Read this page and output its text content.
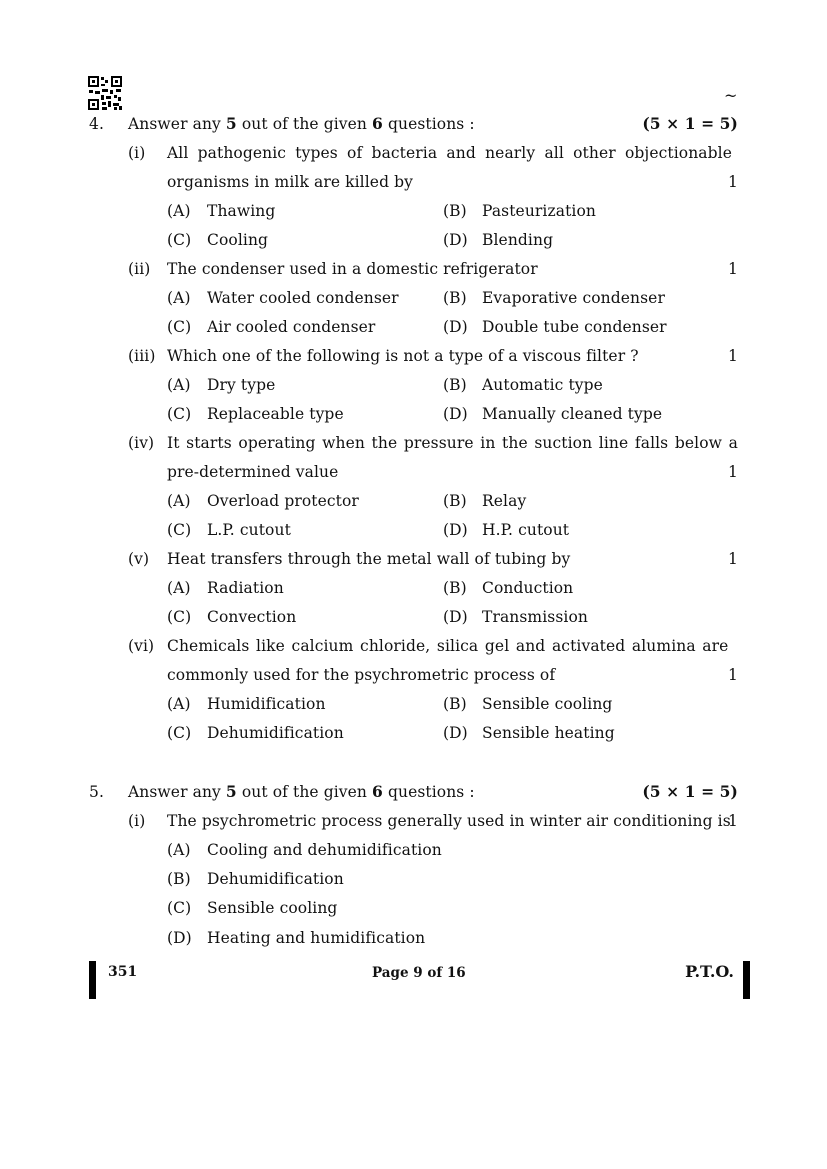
~
4. Answer any 5 out of the given 6 questions :	(5 × 1 = 5)
(i) All pathogenic types of bacteria and nearly all other objectionable
organisms in milk are killed by	1
(A) Thawing	(B) Pasteurization
(C) Cooling	(D) Blending
(ii) The condenser used in a domestic refrigerator	1
(A) Water cooled condenser	(B) Evaporative condenser
(C) Air cooled condenser	(D) Double tube condenser
(iii) Which one of the following is not a type of a viscous filter ?	1
(A) Dry type	(B) Automatic type
(C) Replaceable type	(D) Manually cleaned type
(iv) It starts operating when the pressure in the suction line falls below a
pre-determined value	1
(A) Overload protector	(B) Relay
(C) L.P. cutout	(D) H.P. cutout
(v) Heat transfers through the metal wall of tubing by	1
(A) Radiation	(B) Conduction
(C) Convection	(D) Transmission
(vi) Chemicals like calcium chloride, silica gel and activated alumina are
commonly used for the psychrometric process of	1
(A) Humidification	(B) Sensible cooling
(C) Dehumidification	(D) Sensible heating
5. Answer any 5 out of the given 6 questions :	(5 × 1 = 5)
(i) The psychrometric process generally used in winter air conditioning is
1
(A) Cooling and dehumidification
(B) Dehumidification
(C) Sensible cooling
(D) Heating and humidification
351	Page 9 of 16	P.T.O.
